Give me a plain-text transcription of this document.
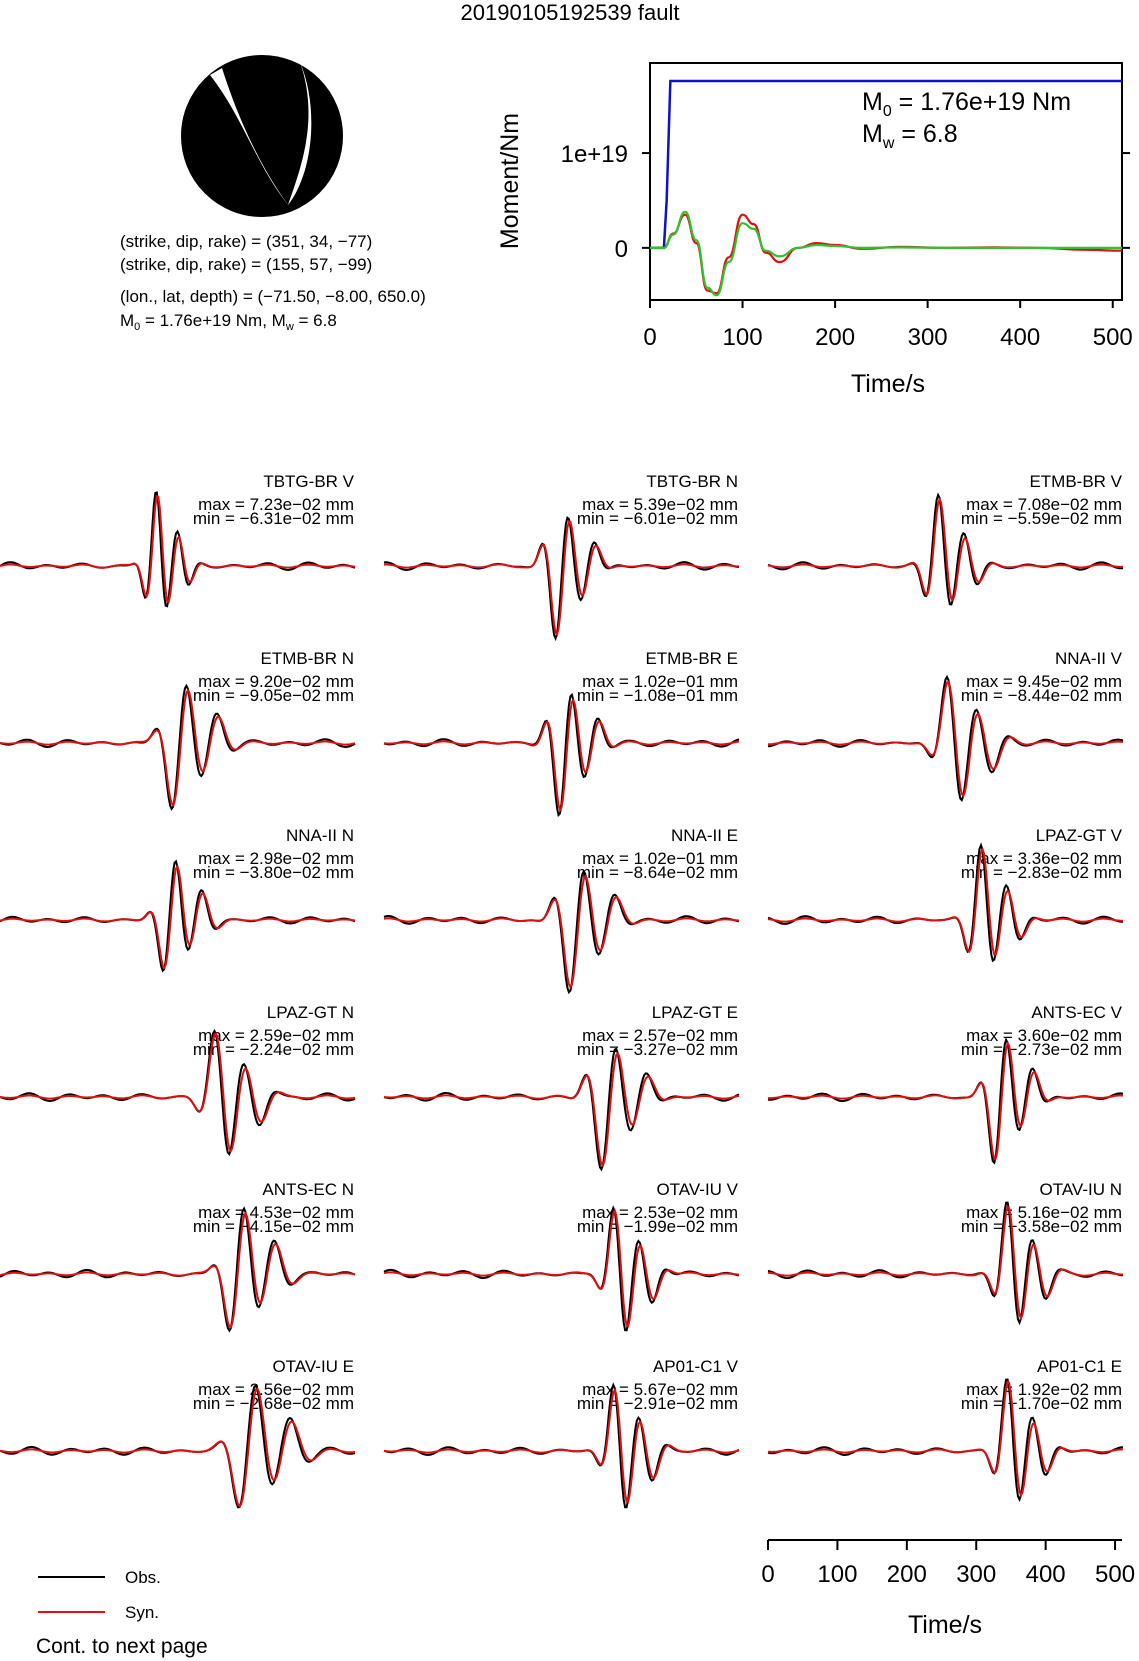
20190105192539 fault
(strike, dip, rake) = (351, 34, −77)
(strike, dip, rake) = (155, 57, −99)
(lon., lat, depth) = (−71.50, −8.00, 650.0)
$M_0 = 1.76e+19$ Nm, $M_w = 6.8$
0
1e+19
0	100 200 300 400 500
$M_0 = 1.76e+19$ Nm
$M_w = 6.8$
Moment/Nm
Time/s
TBTG-BR V
max = 7.23e−02 mm
min = −6.31e−02 mm
TBTG-BR N
max = 5.39e−02 mm
min = −6.01e−02 mm
ETMB-BR V
max = 7.08e−02 mm
min = −5.59e−02 mm
ETMB-BR N
max = 9.20e−02 mm
min = −9.05e−02 mm
ETMB-BR E
max = 1.02e−01 mm
min = −1.08e−01 mm
NNA-II V
max = 9.45e−02 mm
min = −8.44e−02 mm
NNA-II N
max = 2.98e−02 mm
min = −3.80e−02 mm
NNA-II E
max = 1.02e−01 mm
min = −8.64e−02 mm
LPAZ-GT V
max = 3.36e−02 mm
min = −2.83e−02 mm
LPAZ-GT N
max = 2.59e−02 mm
min = −2.24e−02 mm
LPAZ-GT E
max = 2.57e−02 mm
min = −3.27e−02 mm
ANTS-EC V
max = 3.60e−02 mm
min = −2.73e−02 mm
ANTS-EC N
max = 4.53e−02 mm
min = −4.15e−02 mm
OTAV-IU V
max = 2.53e−02 mm
min = −1.99e−02 mm
OTAV-IU N
max = 5.16e−02 mm
min = −3.58e−02 mm
OTAV-IU E
max = 2.56e−02 mm
min = −2.68e−02 mm
AP01-C1 V
max = 5.67e−02 mm
min = −2.91e−02 mm
AP01-C1 E
max = 1.92e−02 mm
min = −1.70e−02 mm
0 100 200 300 400 500
Time/s
Obs.
Syn.
Cont. to next page
